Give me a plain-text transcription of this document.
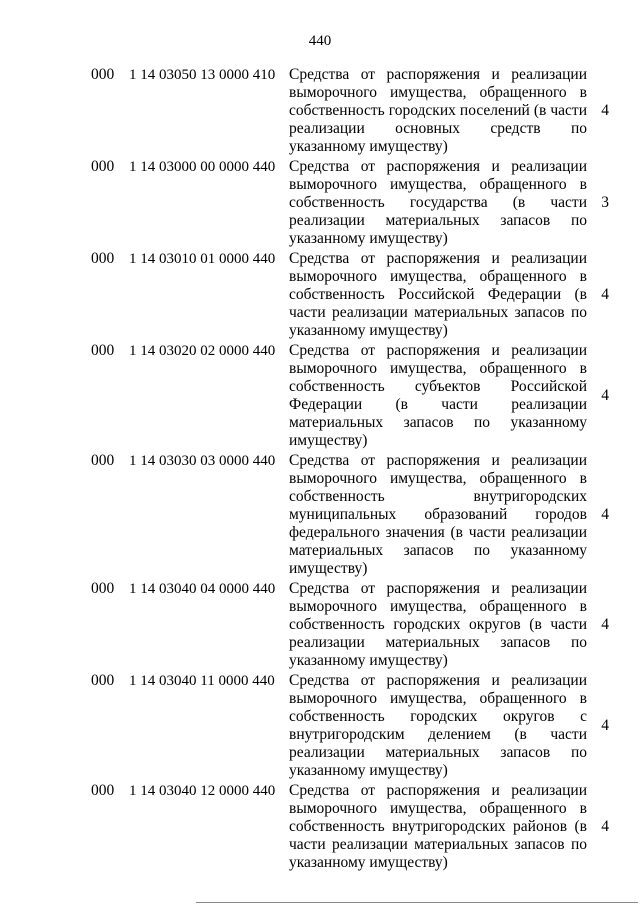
440
000 1 14 03050 13 0000 410 Средства от распоряжения и реализации выморочного имущества, обращенного в собственность городских поселений (в части реализации основных средств по указанному имуществу)
4
000 1 14 03000 00 0000 440 Средства от распоряжения и реализации выморочного имущества, обращенного в собственность государства (в части реализации материальных запасов по указанному имуществу)
3
000 1 14 03010 01 0000 440 Средства от распоряжения и реализации выморочного имущества, обращенного в собственность Российской Федерации (в части реализации материальных запасов по указанному имуществу)
4
000 1 14 03020 02 0000 440 Средства от распоряжения и реализации выморочного имущества, обращенного в собственность субъектов Российской Федерации (в части реализации материальных запасов по указанному имуществу)
4
000 1 14 03030 03 0000 440 Средства от распоряжения и реализации выморочного имущества, обращенного в собственность внутригородских муниципальных образований городов федерального значения (в части реализации материальных запасов по указанному имуществу)
4
000 1 14 03040 04 0000 440 Средства от распоряжения и реализации выморочного имущества, обращенного в собственность городских округов (в части реализации материальных запасов по указанному имуществу)
4
000 1 14 03040 11 0000 440 Средства от распоряжения и реализации выморочного имущества, обращенного в собственность городских округов с внутригородским делением (в части реализации материальных запасов по указанному имуществу)
4
000 1 14 03040 12 0000 440 Средства от распоряжения и реализации выморочного имущества, обращенного в собственность внутригородских районов (в части реализации материальных запасов по указанному имуществу)
4
